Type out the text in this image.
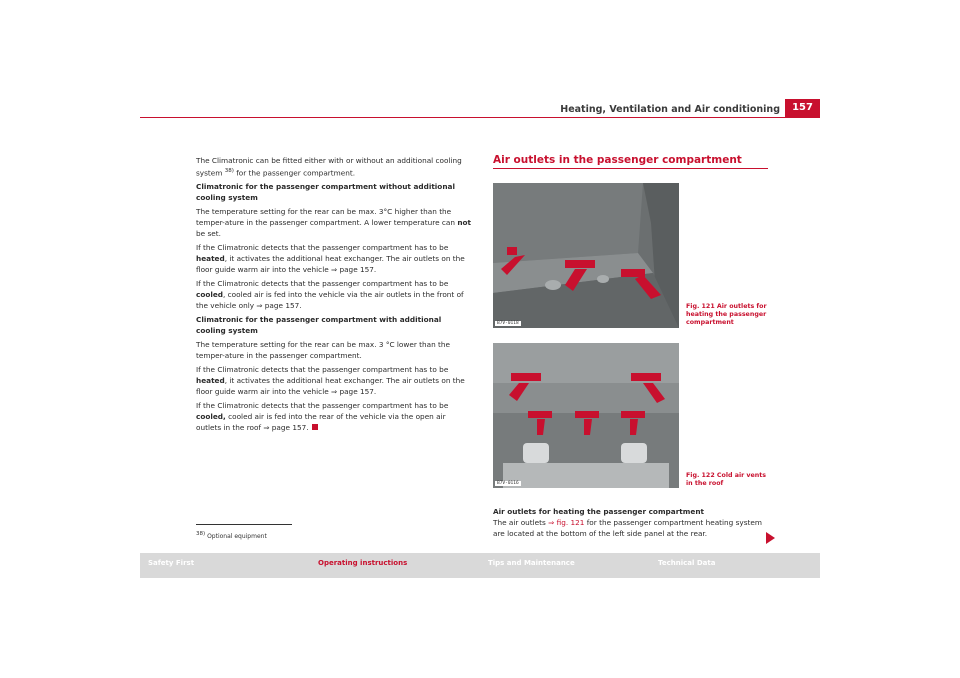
Heating, Ventilation and Air conditioning	157

The Climatronic can be fitted either with or without an additional cooling system $^{38)}$ for the passenger compartment.

Climatronic for the passenger compartment without additional cooling system

The temperature setting for the rear can be max. 3°C higher than the temper-ature in the passenger compartment. A lower temperature can not be set.

If the Climatronic detects that the passenger compartment has to be heated, it activates the additional heat exchanger. The air outlets on the floor guide warm air into the vehicle ⇒ page 157.

If the Climatronic detects that the passenger compartment has to be cooled, cooled air is fed into the vehicle via the air outlets in the front of the vehicle only ⇒ page 157.

Climatronic for the passenger compartment with additional cooling system

The temperature setting for the rear can be max. 3 °C lower than the temper-ature in the passenger compartment.

If the Climatronic detects that the passenger compartment has to be heated, it activates the additional heat exchanger. The air outlets on the floor guide warm air into the vehicle ⇒ page 157.

If the Climatronic detects that the passenger compartment has to be cooled, cooled air is fed into the rear of the vehicle via the open air outlets in the roof ⇒ page 157.

$^{38)}$ Optional equipment
Air outlets in the passenger compartment
B7V-0118
Fig. 121 Air outlets for heating the passenger compartment
B7V-0116
Fig. 122 Cold air vents in the roof

Air outlets for heating the passenger compartment

The air outlets ⇒ fig. 121 for the passenger compartment heating system are located at the bottom of the left side panel at the rear.

Safety First	Operating instructions	Tips and Maintenance	Technical Data
